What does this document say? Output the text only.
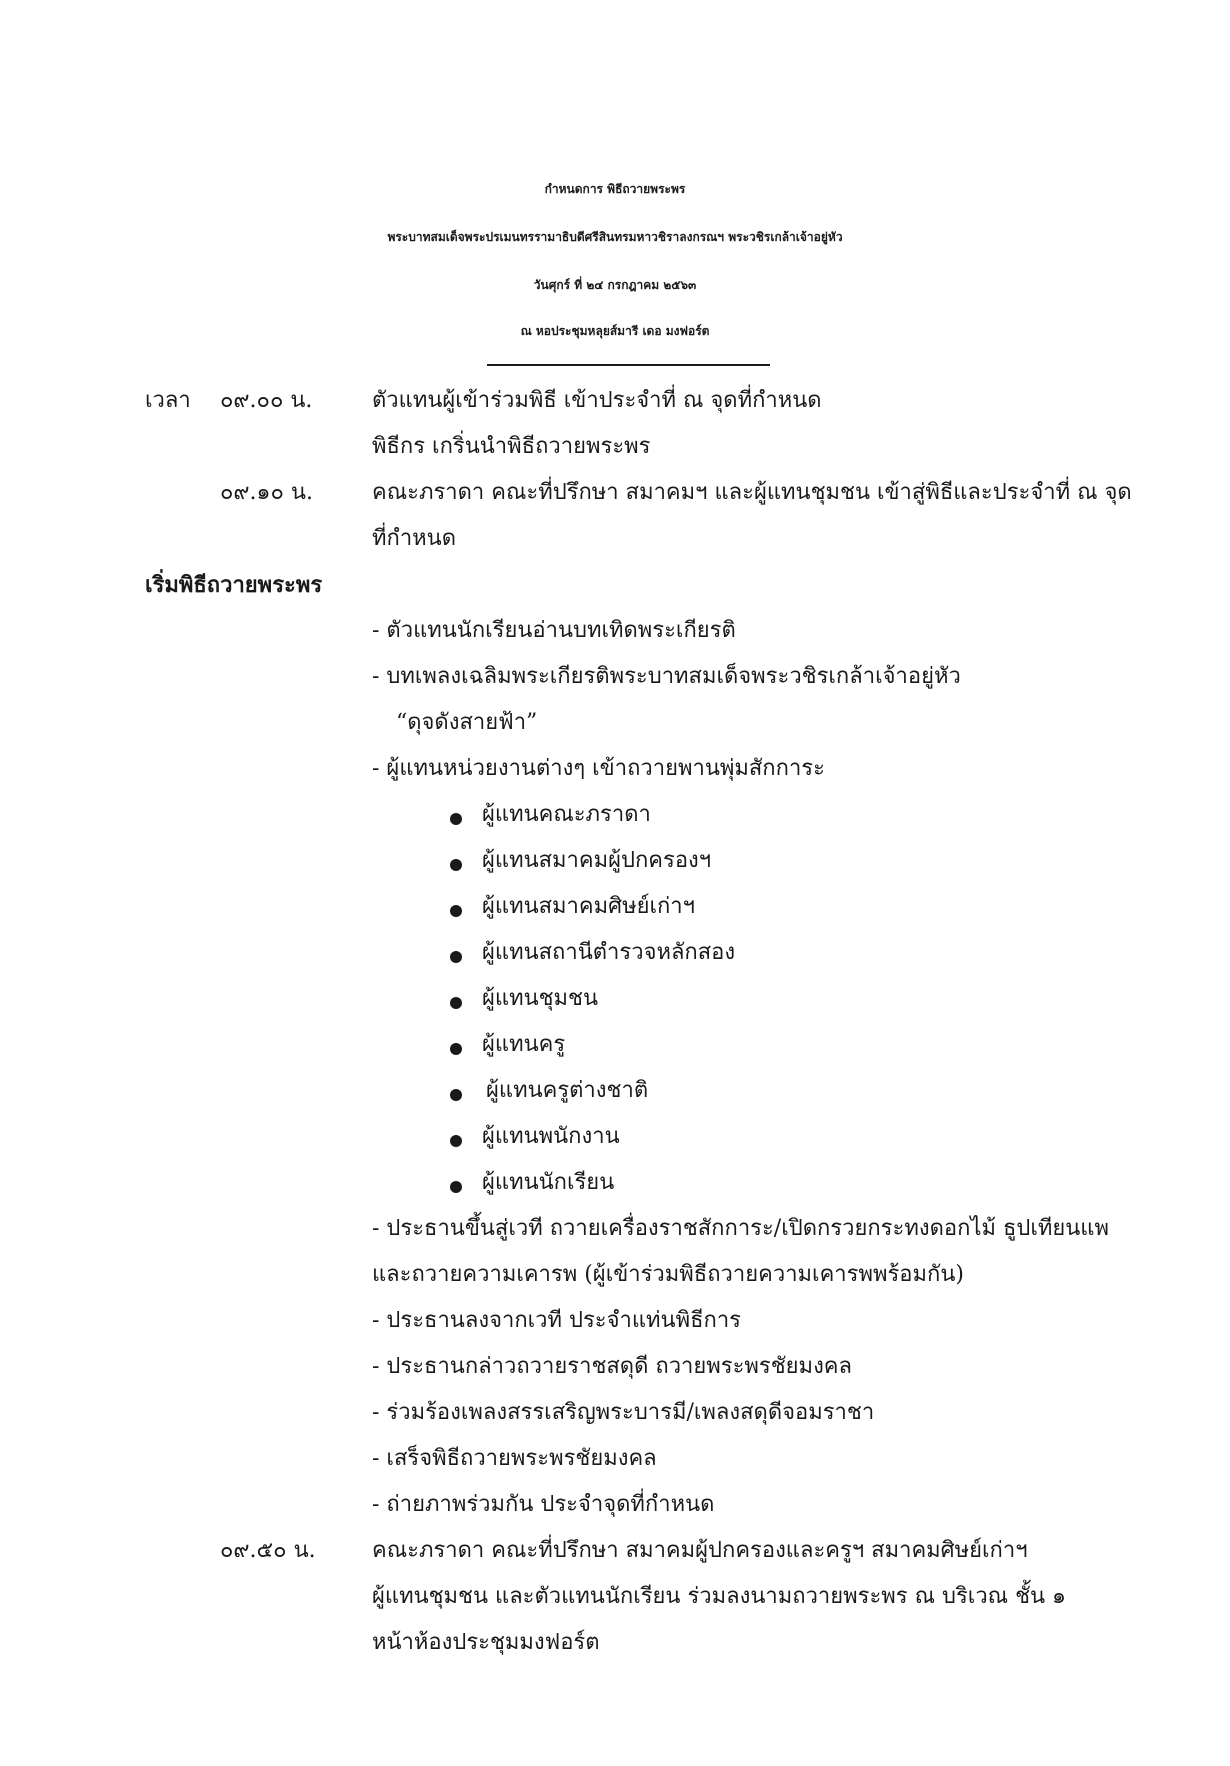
กำหนดการ พิธีถวายพระพร
พระบาทสมเด็จพระปรเมนทรรามาธิบดีศรีสินทรมหาวชิราลงกรณฯ พระวชิรเกล้าเจ้าอยู่หัว
วันศุกร์ ที่ ๒๔ กรกฎาคม ๒๕๖๓
ณ หอประชุมหลุยส์มารี เดอ มงฟอร์ต
เวลา ๐๙.๐๐ น.	ตัวแทนผู้เข้าร่วมพิธี เข้าประจำที่ ณ จุดที่กำหนด
พิธีกร เกริ่นนำพิธีถวายพระพร
๐๙.๑๐ น.	คณะภราดา คณะที่ปรึกษา สมาคมฯ และผู้แทนชุมชน เข้าสู่พิธีและประจำที่ ณ จุด
ที่กำหนด
เริ่มพิธีถวายพระพร
- ตัวแทนนักเรียนอ่านบทเทิดพระเกียรติ
- บทเพลงเฉลิมพระเกียรติพระบาทสมเด็จพระวชิรเกล้าเจ้าอยู่หัว
“ดุจดังสายฟ้า”
- ผู้แทนหน่วยงานต่างๆ เข้าถวายพานพุ่มสักการะ
ผู้แทนคณะภราดา
ผู้แทนสมาคมผู้ปกครองฯ
ผู้แทนสมาคมศิษย์เก่าฯ
ผู้แทนสถานีตำรวจหลักสอง
ผู้แทนชุมชน
ผู้แทนครู
ผู้แทนครูต่างชาติ
ผู้แทนพนักงาน
ผู้แทนนักเรียน
- ประธานขึ้นสู่เวที ถวายเครื่องราชสักการะ/เปิดกรวยกระทงดอกไม้ ธูปเทียนแพ
และถวายความเคารพ (ผู้เข้าร่วมพิธีถวายความเคารพพร้อมกัน)
- ประธานลงจากเวที ประจำแท่นพิธีการ
- ประธานกล่าวถวายราชสดุดี ถวายพระพรชัยมงคล
- ร่วมร้องเพลงสรรเสริญพระบารมี/เพลงสดุดีจอมราชา
- เสร็จพิธีถวายพระพรชัยมงคล
- ถ่ายภาพร่วมกัน ประจำจุดที่กำหนด
๐๙.๕๐ น.	คณะภราดา คณะที่ปรึกษา สมาคมผู้ปกครองและครูฯ สมาคมศิษย์เก่าฯ
ผู้แทนชุมชน และตัวแทนนักเรียน ร่วมลงนามถวายพระพร ณ บริเวณ ชั้น ๑
หน้าห้องประชุมมงฟอร์ต
